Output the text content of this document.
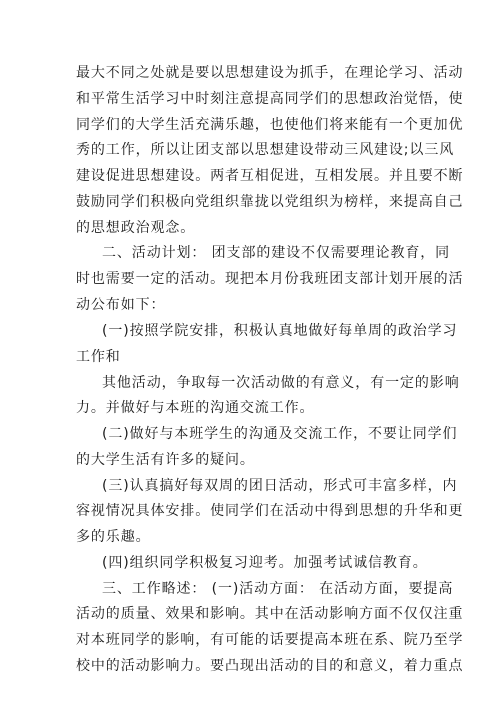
最大不同之处就是要以思想建设为抓手，在理论学习、活动
和平常生活学习中时刻注意提高同学们的思想政治觉悟，使
同学们的大学生活充满乐趣，也使他们将来能有一个更加优
秀的工作，所以让团支部以思想建设带动三风建设;以三风
建设促进思想建设。两者互相促进，互相发展。并且要不断
鼓励同学们积极向党组织靠拢以党组织为榜样，来提高自己
的思想政治观念。
二、活动计划： 团支部的建设不仅需要理论教育，同
时也需要一定的活动。现把本月份我班团支部计划开展的活
动公布如下：
(一)按照学院安排，积极认真地做好每单周的政治学习
工作和
其他活动，争取每一次活动做的有意义，有一定的影响
力。并做好与本班的沟通交流工作。
(二)做好与本班学生的沟通及交流工作，不要让同学们
的大学生活有许多的疑问。
(三)认真搞好每双周的团日活动，形式可丰富多样，内
容视情况具体安排。使同学们在活动中得到思想的升华和更
多的乐趣。
(四)组织同学积极复习迎考。加强考试诚信教育。
三、工作略述： (一)活动方面： 在活动方面，要提高
活动的质量、效果和影响。其中在活动影响方面不仅仅注重
对本班同学的影响，有可能的话要提高本班在系、院乃至学
校中的活动影响力。要凸现出活动的目的和意义，着力重点
